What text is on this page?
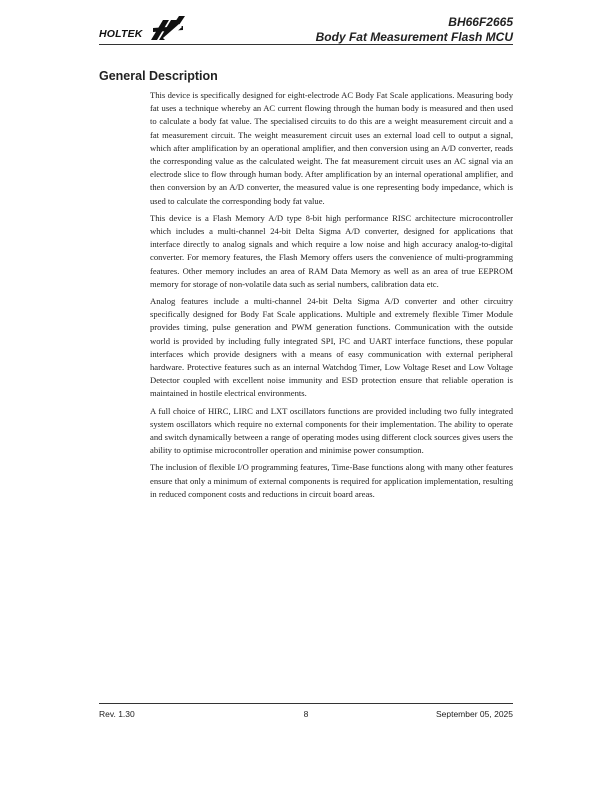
HOLTEK
BH66F2665
Body Fat Measurement Flash MCU
General Description

This device is specifically designed for eight-electrode AC Body Fat Scale applications. Measuring body fat uses a technique whereby an AC current flowing through the human body is measured and then used to calculate a body fat value. The specialised circuits to do this are a weight measurement circuit and a fat measurement circuit. The weight measurement circuit uses an external load cell to output a signal, which after amplification by an operational amplifier, and then conversion using an A/D converter, reads the corresponding value as the calculated weight. The fat measurement circuit uses an AC signal via an electrode slice to flow through human body. After amplification by an internal operational amplifier, and then conversion by an A/D converter, the measured value is one representing body impedance, which is used to calculate the corresponding body fat value.

This device is a Flash Memory A/D type 8-bit high performance RISC architecture microcontroller which includes a multi-channel 24-bit Delta Sigma A/D converter, designed for applications that interface directly to analog signals and which require a low noise and high accuracy analog-to-digital converter. For memory features, the Flash Memory offers users the convenience of multi-programming features. Other memory includes an area of RAM Data Memory as well as an area of true EEPROM memory for storage of non-volatile data such as serial numbers, calibration data etc.

Analog features include a multi-channel 24-bit Delta Sigma A/D converter and other circuitry specifically designed for Body Fat Scale applications. Multiple and extremely flexible Timer Module provides timing, pulse generation and PWM generation functions. Communication with the outside world is provided by including fully integrated SPI, I²C and UART interface functions, these popular interfaces which provide designers with a means of easy communication with external peripheral hardware. Protective features such as an internal Watchdog Timer, Low Voltage Reset and Low Voltage Detector coupled with excellent noise immunity and ESD protection ensure that reliable operation is maintained in hostile electrical environments.

A full choice of HIRC, LIRC and LXT oscillators functions are provided including two fully integrated system oscillators which require no external components for their implementation. The ability to operate and switch dynamically between a range of operating modes using different clock sources gives users the ability to optimise microcontroller operation and minimise power consumption.

The inclusion of flexible I/O programming features, Time-Base functions along with many other features ensure that only a minimum of external components is required for application implementation, resulting in reduced component costs and reductions in circuit board areas.

Rev. 1.30	8	September 05, 2025
